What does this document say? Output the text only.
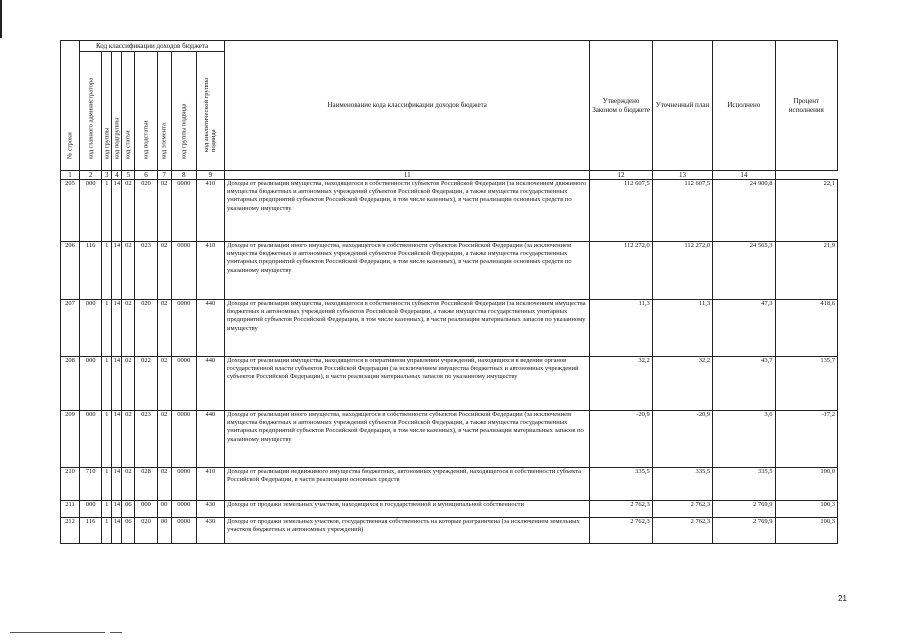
№ строки	Код классификации доходов бюджета								Наименование кода классификации доходов бюджета	Утверждено Законом о бюджете	Уточненный план	Исполнено	Процент исполнения

	код главного администратора	код группы	код подгруппы	код статьи	код подстатьи	код элемента	код группы подвида	код аналитической группы подвида					

1	2	3	4	5	6	7	8	9	11	12	13	14	
205	000	1	14	02	020	02	0000	410	Доходы от реализации имущества, находящегося в собственности субъектов Российской Федерации (за исключением движимого имущества бюджетных и автономных учреждений субъектов Российской Федерации, а также имущества государственных унитарных предприятий субъектов Российской Федерации, в том числе казенных), в части реализации основных средств по указанному имуществу	112 607,5	112 607,5	24 900,8	22,1
206	116	1	14	02	023	02	0000	410	Доходы от реализации иного имущества, находящегося в собственности субъектов Российской Федерации (за исключением имущества бюджетных и автономных учреждений субъектов Российской Федерации, а также имущества государственных унитарных предприятий субъектов Российской Федерации, в том числе казенных), в части реализации основных средств по указанному имуществу	112 272,0	112 272,0	24 565,3	21,9
207	000	1	14	02	020	02	0000	440	Доходы от реализации имущества, находящегося в собственности субъектов Российской Федерации (за исключением имущества бюджетных и автономных учреждений субъектов Российской Федерации, а также имущества государственных унитарных предприятий субъектов Российской Федерации, в том числе казенных), в части реализации материальных запасов по указанному имуществу	11,3	11,3	47,3	418,6
208	000	1	14	02	022	02	0000	440	Доходы от реализации имущества, находящегося в оперативном управлении учреждений, находящихся в ведении органов государственной власти субъектов Российской Федерации (за исключением имущества бюджетных и автономных учреждений субъектов Российской Федерации), в части реализации материальных запасов по указанному имуществу	32,2	32,2	43,7	135,7
209	000	1	14	02	023	02	0000	440	Доходы от реализации иного имущества, находящегося в собственности субъектов Российской Федерации (за исключением имущества бюджетных и автономных учреждений субъектов Российской Федерации, а также имущества государственных унитарных предприятий субъектов Российской Федерации, в том числе казенных), в части реализации материальных запасов по указанному имуществу	-20,9	-20,9	3,6	-17,2
210	710	1	14	02	028	02	0000	410	Доходы от реализации недвижимого имущества бюджетных, автономных учреждений, находящегося в собственности субъекта Российской Федерации, в части реализации основных средств	335,5	335,5	335,5	100,0
211	000	1	14	06	000	00	0000	430	Доходы от продажи земельных участков, находящихся в государственной и муниципальной собственности	2 762,3	2 762,3	2 769,9	100,3
212	116	1	14	06	020	00	0000	430	Доходы от продажи земельных участков, государственная собственность на которые разграничена (за исключением земельных участков бюджетных и автономных учреждений)	2 762,3	2 762,3	2 769,9	100,3
21
